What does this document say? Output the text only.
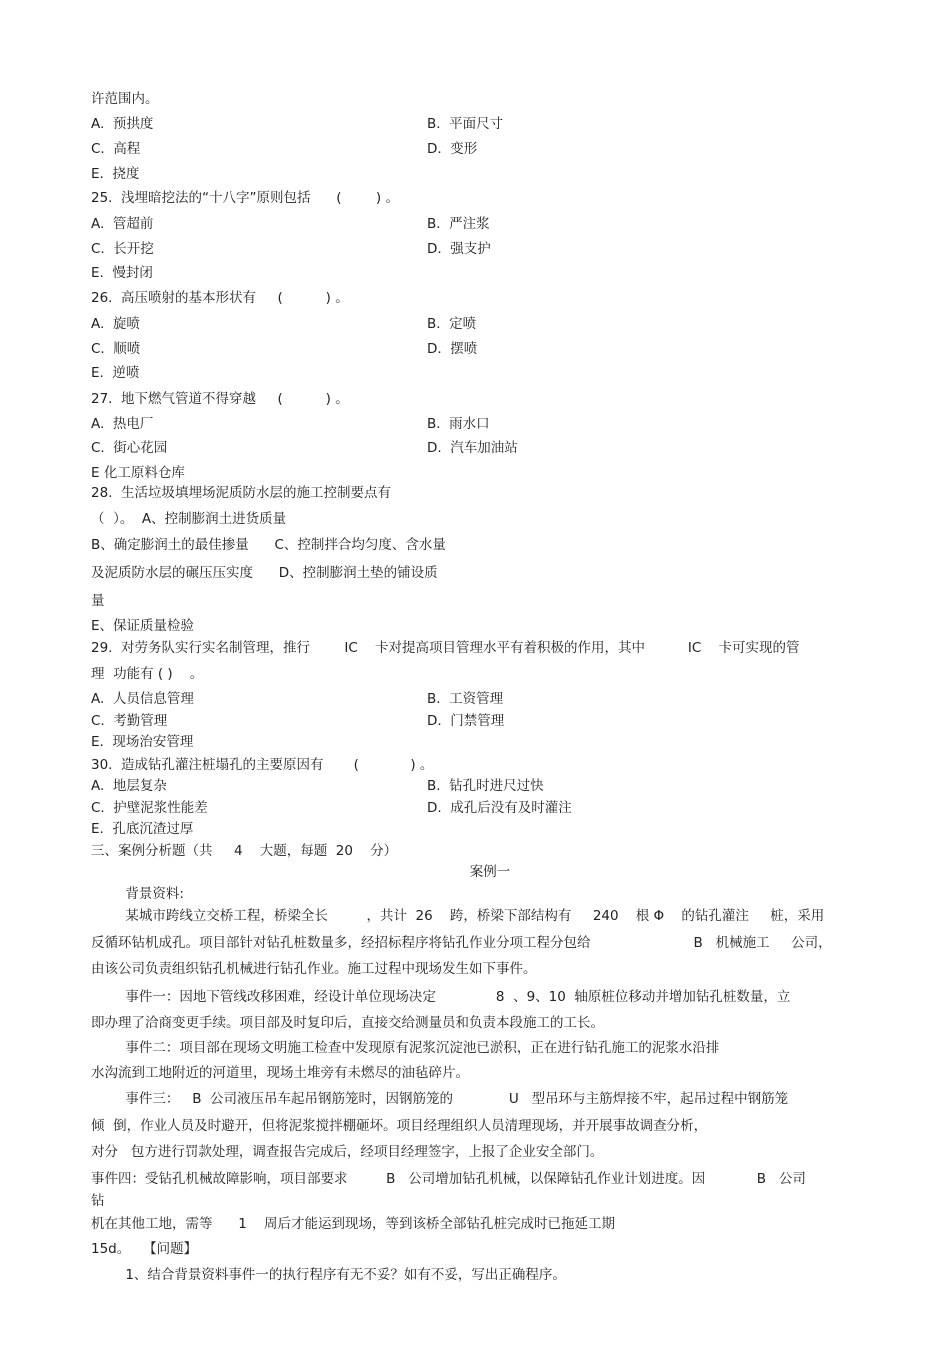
许范围内。
A.  预拱度	B.  平面尺寸
C.  高程	D.  变形
E.  挠度
25.  浅埋暗挖法的“十八字”原则包括      (        ) 。
A.  管超前	B.  严注浆
C.  长开挖	D.  强支护
E.  慢封闭
26.  高压喷射的基本形状有     (          ) 。
A.  旋喷	B.  定喷
C.  顺喷	D.  摆喷
E.  逆喷
27.  地下燃气管道不得穿越     (          ) 。
A.  热电厂	B.  雨水口
C.  街心花园	D.  汽车加油站
E 化工原料仓库
28.  生活垃圾填埋场泥质防水层的施工控制要点有
（  ）。  A、控制膨润土进货质量
B、确定膨润土的最佳掺量      C、控制拌合均匀度、含水量
及泥质防水层的碾压压实度      D、控制膨润土垫的铺设质
量
E、保证质量检验
29.  对劳务队实行实名制管理，推行        IC    卡对提高项目管理水平有着积极的作用，其中          IC    卡可实现的管
理  功能有 ( )    。
A.  人员信息管理	B.  工资管理
C.  考勤管理	D.  门禁管理
E.  现场治安管理
30.  造成钻孔灌注桩塌孔的主要原因有       (            ) 。
A.  地层复杂	B.  钻孔时进尺过快
C.  护壁泥浆性能差	D.  成孔后没有及时灌注
E.  孔底沉渣过厚
三、案例分析题（共     4    大题，每题  20    分）
案例一
背景资料:
某城市跨线立交桥工程，桥梁全长         ，共计  26    跨，桥梁下部结构有     240    根 Φ    的钻孔灌注     桩，采用
反循环钻机成孔。项目部针对钻孔桩数量多，经招标程序将钻孔作业分项工程分包给                        B   机械施工     公司，
由该公司负责组织钻孔机械进行钻孔作业。施工过程中现场发生如下事件。
事件一：因地下管线改移困难，经设计单位现场决定              8  、9、10  轴原桩位移动并增加钻孔桩数量，立
即办理了洽商变更手续。项目部及时复印后，直接交给测量员和负责本段施工的工长。
事件二：项目部在现场文明施工检查中发现原有泥浆沉淀池已淤积，正在进行钻孔施工的泥浆水沿排
水沟流到工地附近的河道里，现场土堆旁有未燃尽的油毡碎片。
事件三：   B  公司液压吊车起吊钢筋笼时，因钢筋笼的             U   型吊环与主筋焊接不牢，起吊过程中钢筋笼
倾  倒，作业人员及时避开，但将泥浆搅拌棚砸坏。项目经理组织人员清理现场，并开展事故调查分析，
对分   包方进行罚款处理，调查报告完成后，经项目经理签字，上报了企业安全部门。
事件四：受钻孔机械故障影响，项目部要求         B   公司增加钻孔机械，以保障钻孔作业计划进度。因            B   公司
钻
机在其他工地，需等      1    周后才能运到现场，等到该桥全部钻孔桩完成时已拖延工期
15d。   【问题】
1、结合背景资料事件一的执行程序有无不妥？如有不妥，写出正确程序。
